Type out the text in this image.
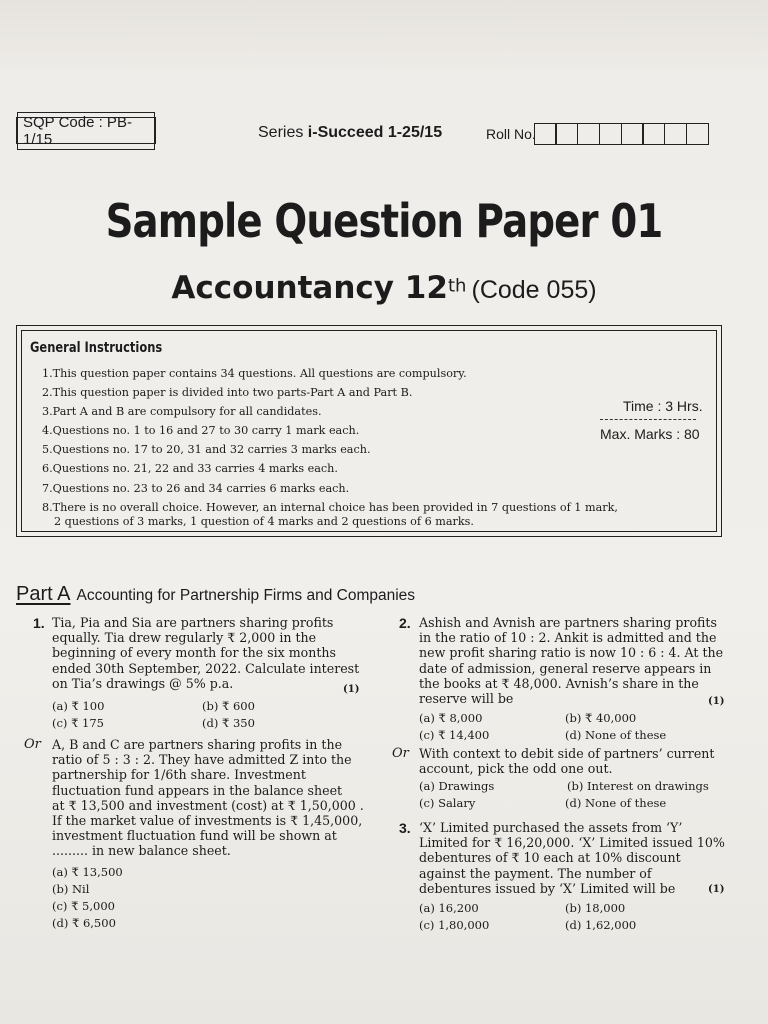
SQP Code : PB-1/15	Series i-Succeed 1-25/15	Roll No.
Sample Question Paper 01
Accountancy 12th (Code 055)
General Instructions
1.This question paper contains 34 questions. All questions are compulsory.
2.This question paper is divided into two parts-Part A and Part B.
3.Part A and B are compulsory for all candidates.
4.Questions no. 1 to 16 and 27 to 30 carry 1 mark each.
5.Questions no. 17 to 20, 31 and 32 carries 3 marks each.
6.Questions no. 21, 22 and 33 carries 4 marks each.
7.Questions no. 23 to 26 and 34 carries 6 marks each.
8.There is no overall choice. However, an internal choice has been provided in 7 questions of 1 mark,
2 questions of 3 marks, 1 question of 4 marks and 2 questions of 6 marks.
Time : 3 Hrs.
Max. Marks : 80
Part A Accounting for Partnership Firms and Companies
1. Tia, Pia and Sia are partners sharing profits
equally. Tia drew regularly ₹ 2,000 in the
beginning of every month for the six months
ended 30th September, 2022. Calculate interest
on Tia’s drawings @ 5% p.a.	(1)
(a) ₹ 100	(b) ₹ 600
(c) ₹ 175	(d) ₹ 350
Or A, B and C are partners sharing profits in the
ratio of 5 : 3 : 2. They have admitted Z into the
partnership for 1/6th share. Investment
fluctuation fund appears in the balance sheet
at ₹ 13,500 and investment (cost) at ₹ 1,50,000 .
If the market value of investments is ₹ 1,45,000,
investment fluctuation fund will be shown at
......... in new balance sheet.
(a) ₹ 13,500
(b) Nil
(c) ₹ 5,000
(d) ₹ 6,500
2. Ashish and Avnish are partners sharing profits
in the ratio of 10 : 2. Ankit is admitted and the
new profit sharing ratio is now 10 : 6 : 4. At the
date of admission, general reserve appears in
the books at ₹ 48,000. Avnish’s share in the
reserve will be	(1)
(a) ₹ 8,000	(b) ₹ 40,000
(c) ₹ 14,400	(d) None of these
Or With context to debit side of partners’ current
account, pick the odd one out.
(a) Drawings	(b) Interest on drawings
(c) Salary	(d) None of these
3. ‘X’ Limited purchased the assets from ‘Y’
Limited for ₹ 16,20,000. ‘X’ Limited issued 10%
debentures of ₹ 10 each at 10% discount
against the payment. The number of
debentures issued by ‘X’ Limited will be	(1)
(a) 16,200	(b) 18,000
(c) 1,80,000	(d) 1,62,000
